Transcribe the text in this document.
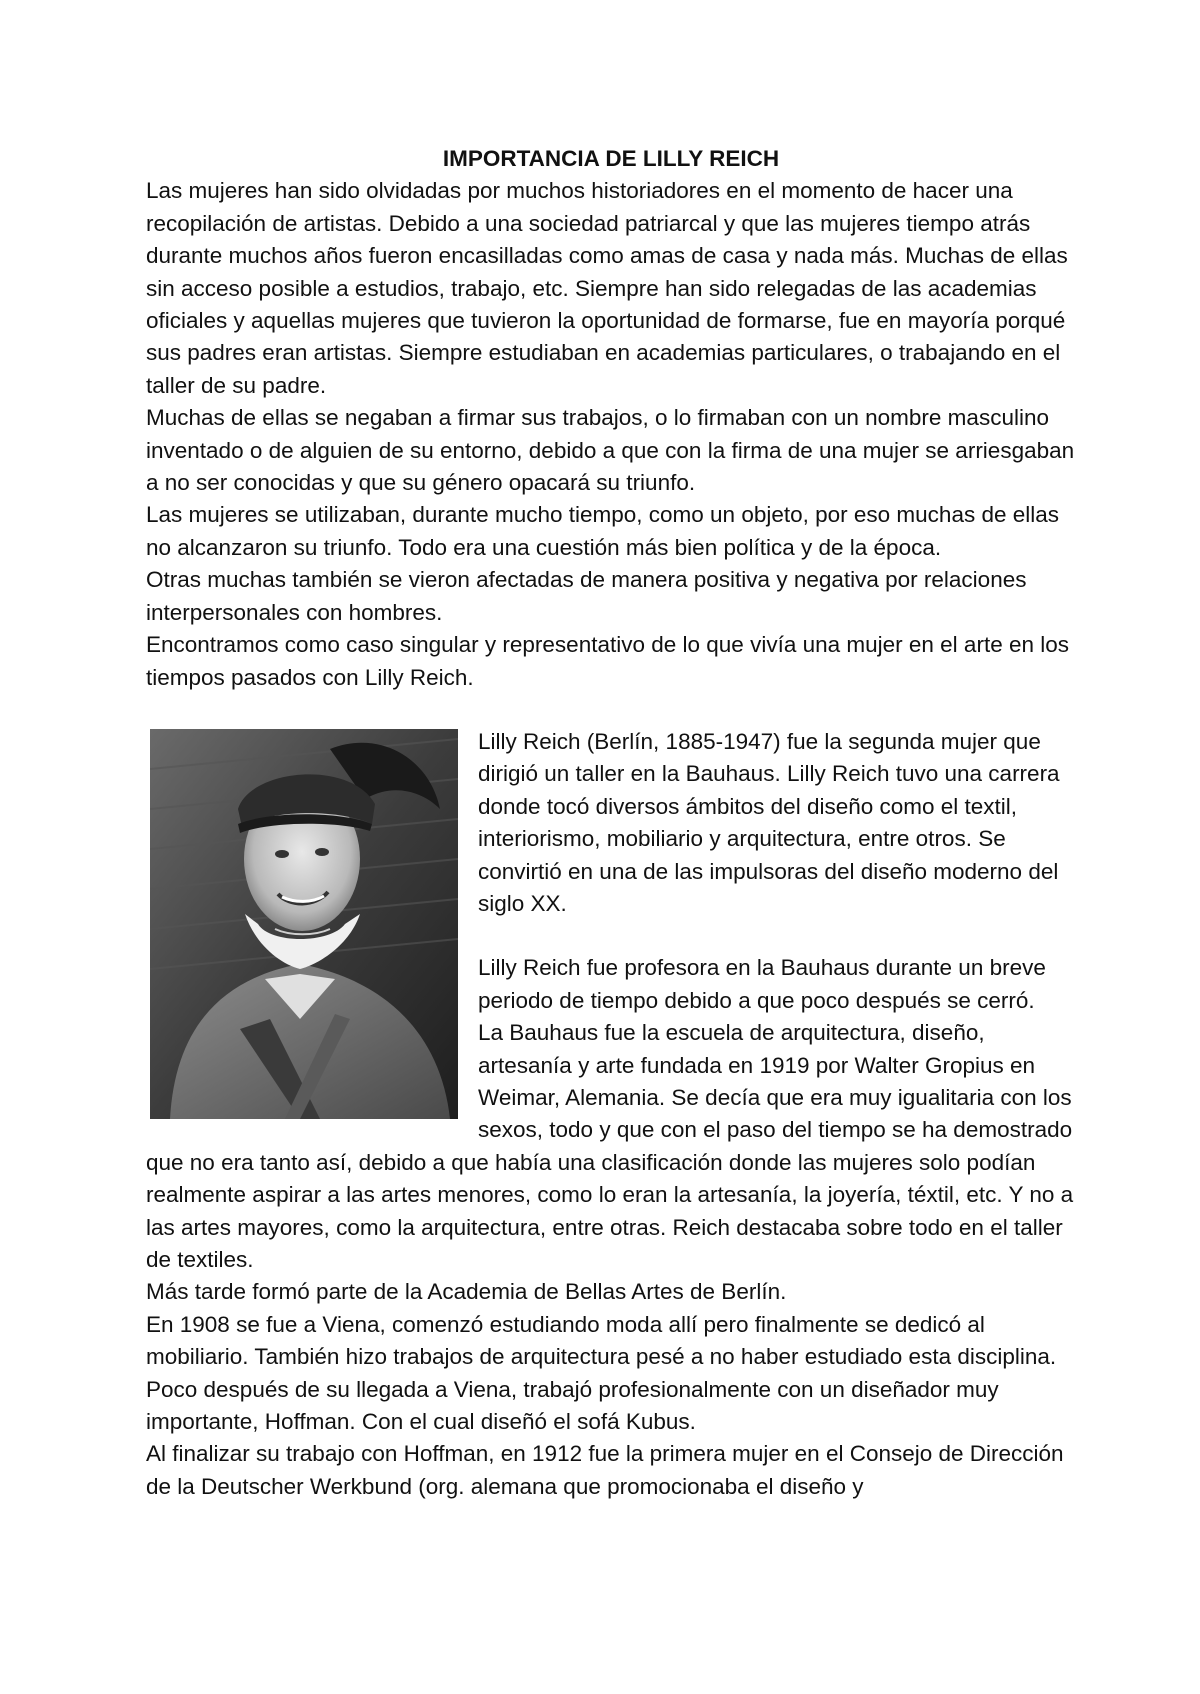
IMPORTANCIA DE LILLY REICH

Las mujeres han sido olvidadas por muchos historiadores en el momento de hacer una recopilación de artistas. Debido a una sociedad patriarcal y que las mujeres tiempo atrás durante muchos años fueron encasilladas como amas de casa y nada más. Muchas de ellas sin acceso posible a estudios, trabajo, etc. Siempre han sido relegadas de las academias oficiales y aquellas mujeres que tuvieron la oportunidad de formarse, fue en mayoría porqué sus padres eran artistas. Siempre estudiaban en academias particulares, o trabajando en el taller de su padre.

Muchas de ellas se negaban a firmar sus trabajos, o lo firmaban con un nombre masculino inventado o de alguien de su entorno, debido a que con la firma de una mujer se arriesgaban a no ser conocidas y que su género opacará su triunfo.

Las mujeres se utilizaban, durante mucho tiempo, como un objeto, por eso muchas de ellas no alcanzaron su triunfo. Todo era una cuestión más bien política y de la época.

Otras muchas también se vieron afectadas de manera positiva y negativa por relaciones interpersonales con hombres.

Encontramos como caso singular y representativo de lo que vivía una mujer en el arte en los tiempos pasados con Lilly Reich.

Lilly Reich (Berlín, 1885-1947) fue la segunda mujer que dirigió un taller en la Bauhaus. Lilly Reich tuvo una carrera donde tocó diversos ámbitos del diseño como el textil, interiorismo, mobiliario y arquitectura, entre otros. Se convirtió en una de las impulsoras del diseño moderno del siglo XX.

Lilly Reich fue profesora en la Bauhaus durante un breve periodo de tiempo debido a que poco después se cerró.

La Bauhaus fue la escuela de arquitectura, diseño, artesanía y arte fundada en 1919 por Walter Gropius en Weimar, Alemania. Se decía que era muy igualitaria con los sexos, todo y que con el paso del tiempo se ha demostrado que no era tanto así, debido a que había una clasificación donde las mujeres solo podían realmente aspirar a las artes menores, como lo eran la artesanía, la joyería, téxtil, etc. Y no a las artes mayores, como la arquitectura, entre otras. Reich destacaba sobre todo en el taller de textiles.

Más tarde formó parte de la Academia de Bellas Artes de Berlín.

En 1908 se fue a Viena, comenzó estudiando moda allí pero finalmente se dedicó al mobiliario. También hizo trabajos de arquitectura pesé a no haber estudiado esta disciplina. Poco después de su llegada a Viena, trabajó profesionalmente con un diseñador muy importante, Hoffman. Con el cual diseñó el sofá Kubus.

Al finalizar su trabajo con Hoffman, en 1912 fue la primera mujer en el Consejo de Dirección de la Deutscher Werkbund (org. alemana que promocionaba el diseño y
